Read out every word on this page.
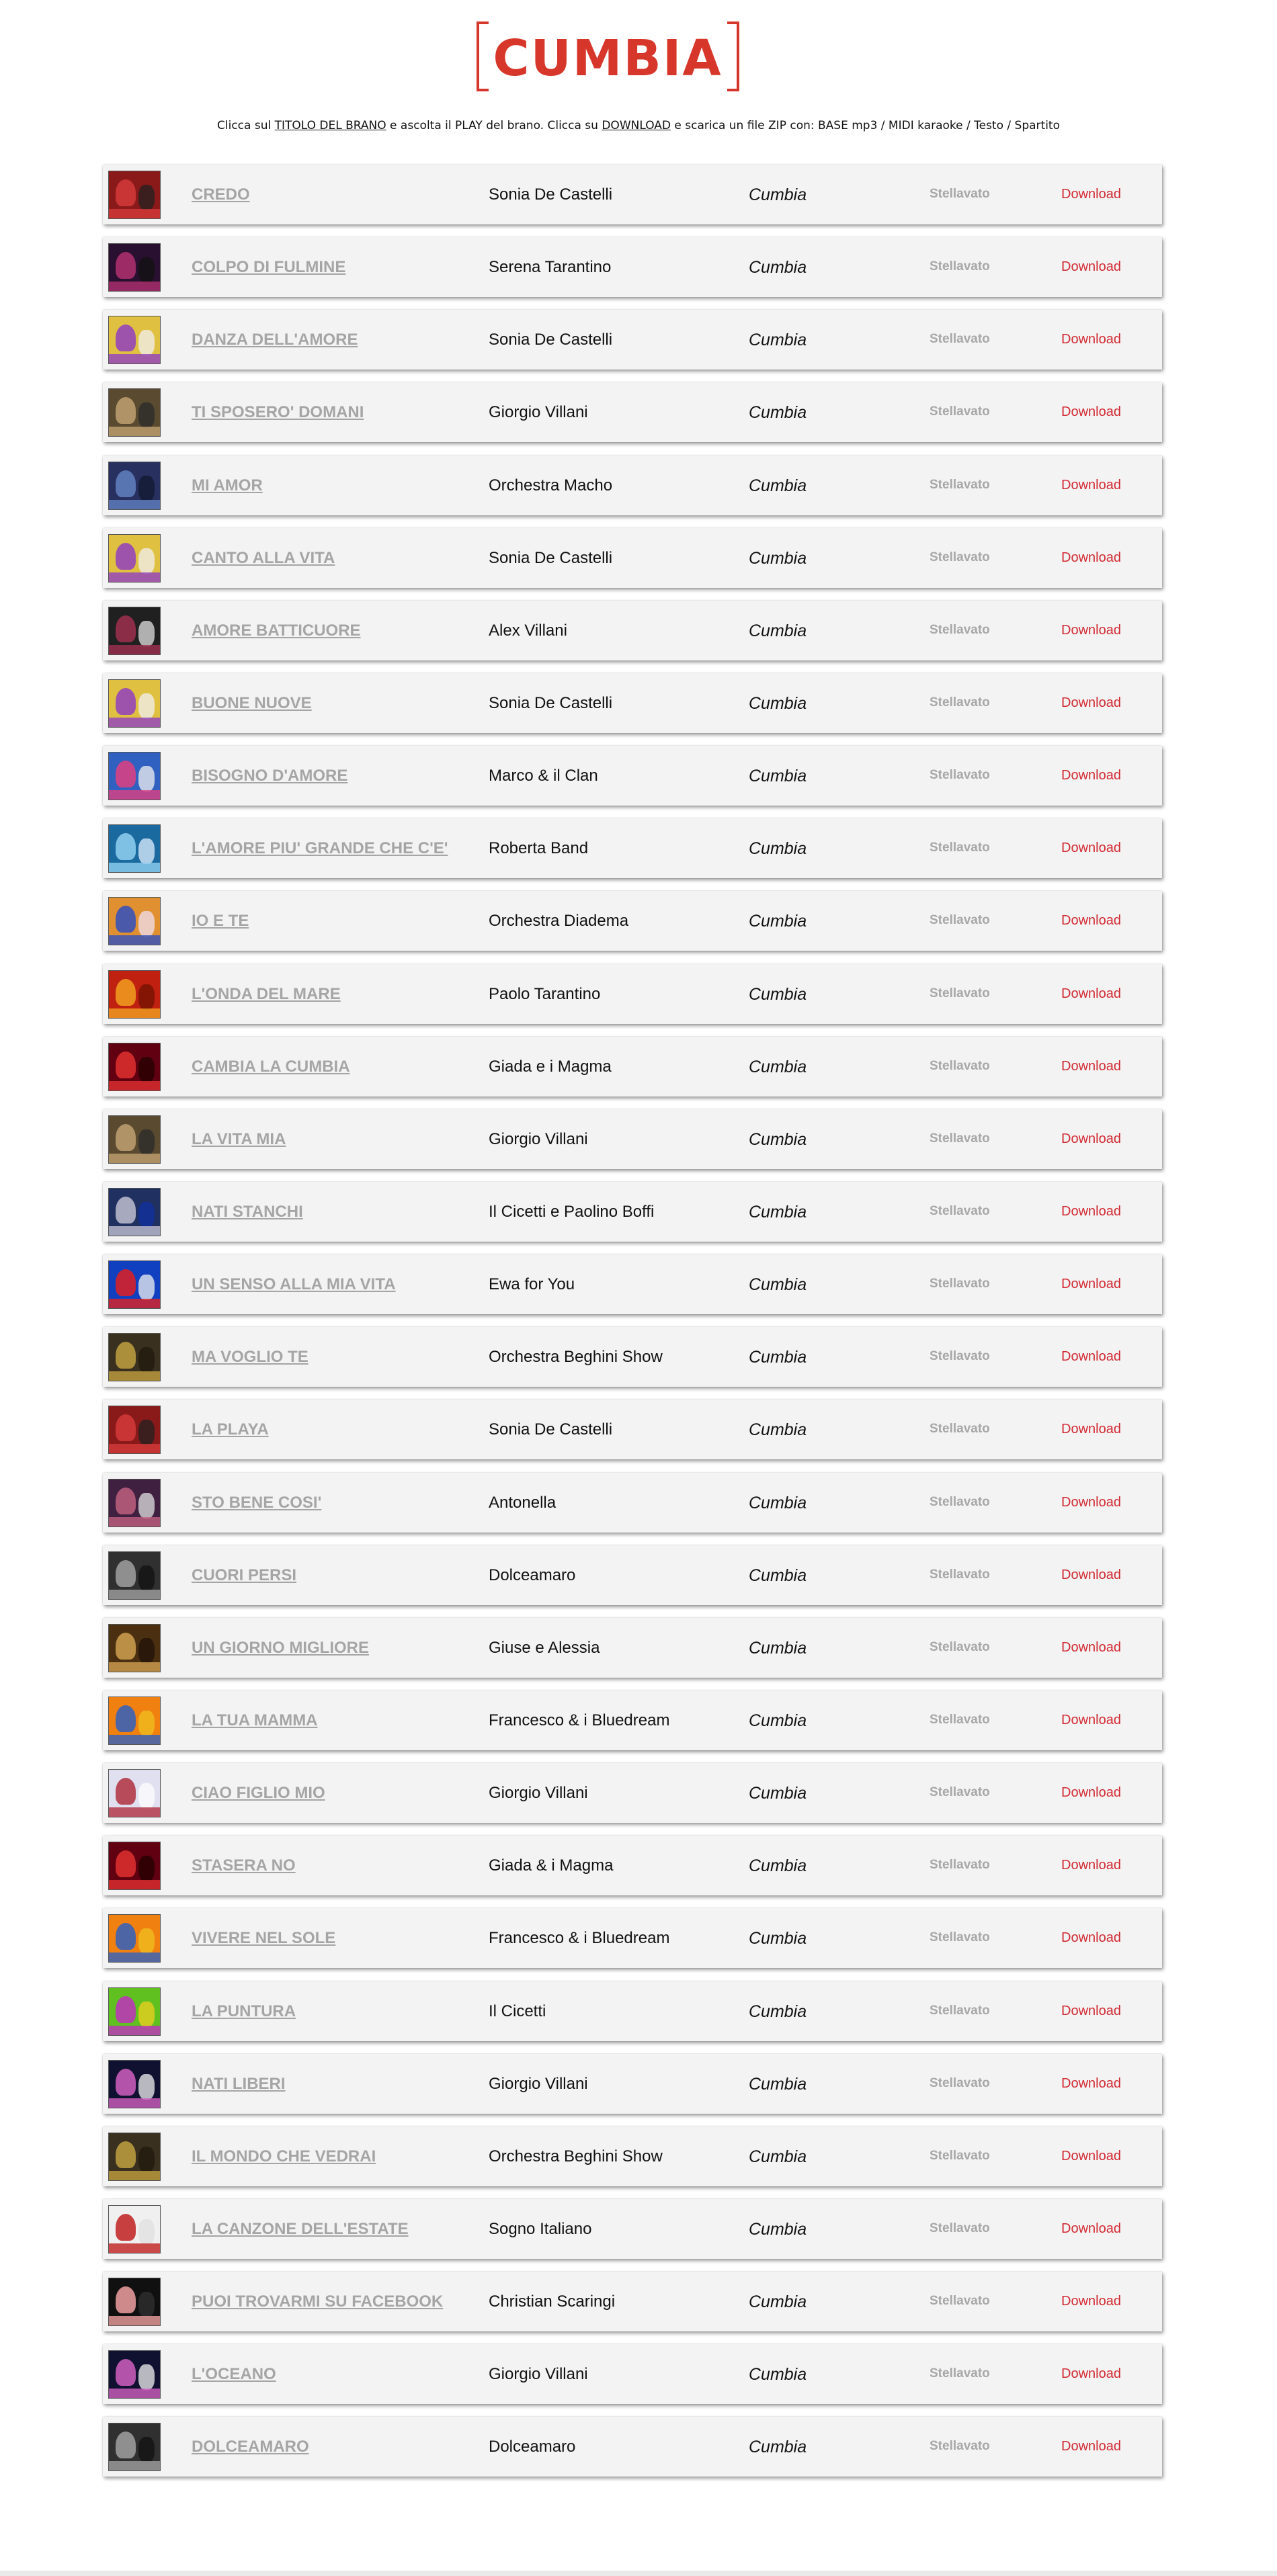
CUMBIA
Clicca sul TITOLO DEL BRANO e ascolta il PLAY del brano. Clicca su DOWNLOAD e scarica un file ZIP con: BASE mp3 / MIDI karaoke / Testo / Spartito
CREDO	Sonia De Castelli	Cumbia	Stellavato	Download
COLPO DI FULMINE	Serena Tarantino	Cumbia	Stellavato	Download
DANZA DELL'AMORE	Sonia De Castelli	Cumbia	Stellavato	Download
TI SPOSERO' DOMANI	Giorgio Villani	Cumbia	Stellavato	Download
MI AMOR	Orchestra Macho	Cumbia	Stellavato	Download
CANTO ALLA VITA	Sonia De Castelli	Cumbia	Stellavato	Download
AMORE BATTICUORE	Alex Villani	Cumbia	Stellavato	Download
BUONE NUOVE	Sonia De Castelli	Cumbia	Stellavato	Download
BISOGNO D'AMORE	Marco & il Clan	Cumbia	Stellavato	Download
L'AMORE PIU' GRANDE CHE C'E'	Roberta Band	Cumbia	Stellavato	Download
IO E TE	Orchestra Diadema	Cumbia	Stellavato	Download
L'ONDA DEL MARE	Paolo Tarantino	Cumbia	Stellavato	Download
CAMBIA LA CUMBIA	Giada e i Magma	Cumbia	Stellavato	Download
LA VITA MIA	Giorgio Villani	Cumbia	Stellavato	Download
NATI STANCHI	Il Cicetti e Paolino Boffi	Cumbia	Stellavato	Download
UN SENSO ALLA MIA VITA	Ewa for You	Cumbia	Stellavato	Download
MA VOGLIO TE	Orchestra Beghini Show	Cumbia	Stellavato	Download
LA PLAYA	Sonia De Castelli	Cumbia	Stellavato	Download
STO BENE COSI'	Antonella	Cumbia	Stellavato	Download
CUORI PERSI	Dolceamaro	Cumbia	Stellavato	Download
UN GIORNO MIGLIORE	Giuse e Alessia	Cumbia	Stellavato	Download
LA TUA MAMMA	Francesco & i Bluedream	Cumbia	Stellavato	Download
CIAO FIGLIO MIO	Giorgio Villani	Cumbia	Stellavato	Download
STASERA NO	Giada & i Magma	Cumbia	Stellavato	Download
VIVERE NEL SOLE	Francesco & i Bluedream	Cumbia	Stellavato	Download
LA PUNTURA	Il Cicetti	Cumbia	Stellavato	Download
NATI LIBERI	Giorgio Villani	Cumbia	Stellavato	Download
IL MONDO CHE VEDRAI	Orchestra Beghini Show	Cumbia	Stellavato	Download
LA CANZONE DELL'ESTATE	Sogno Italiano	Cumbia	Stellavato	Download
PUOI TROVARMI SU FACEBOOK	Christian Scaringi	Cumbia	Stellavato	Download
L'OCEANO	Giorgio Villani	Cumbia	Stellavato	Download
DOLCEAMARO	Dolceamaro	Cumbia	Stellavato	Download
